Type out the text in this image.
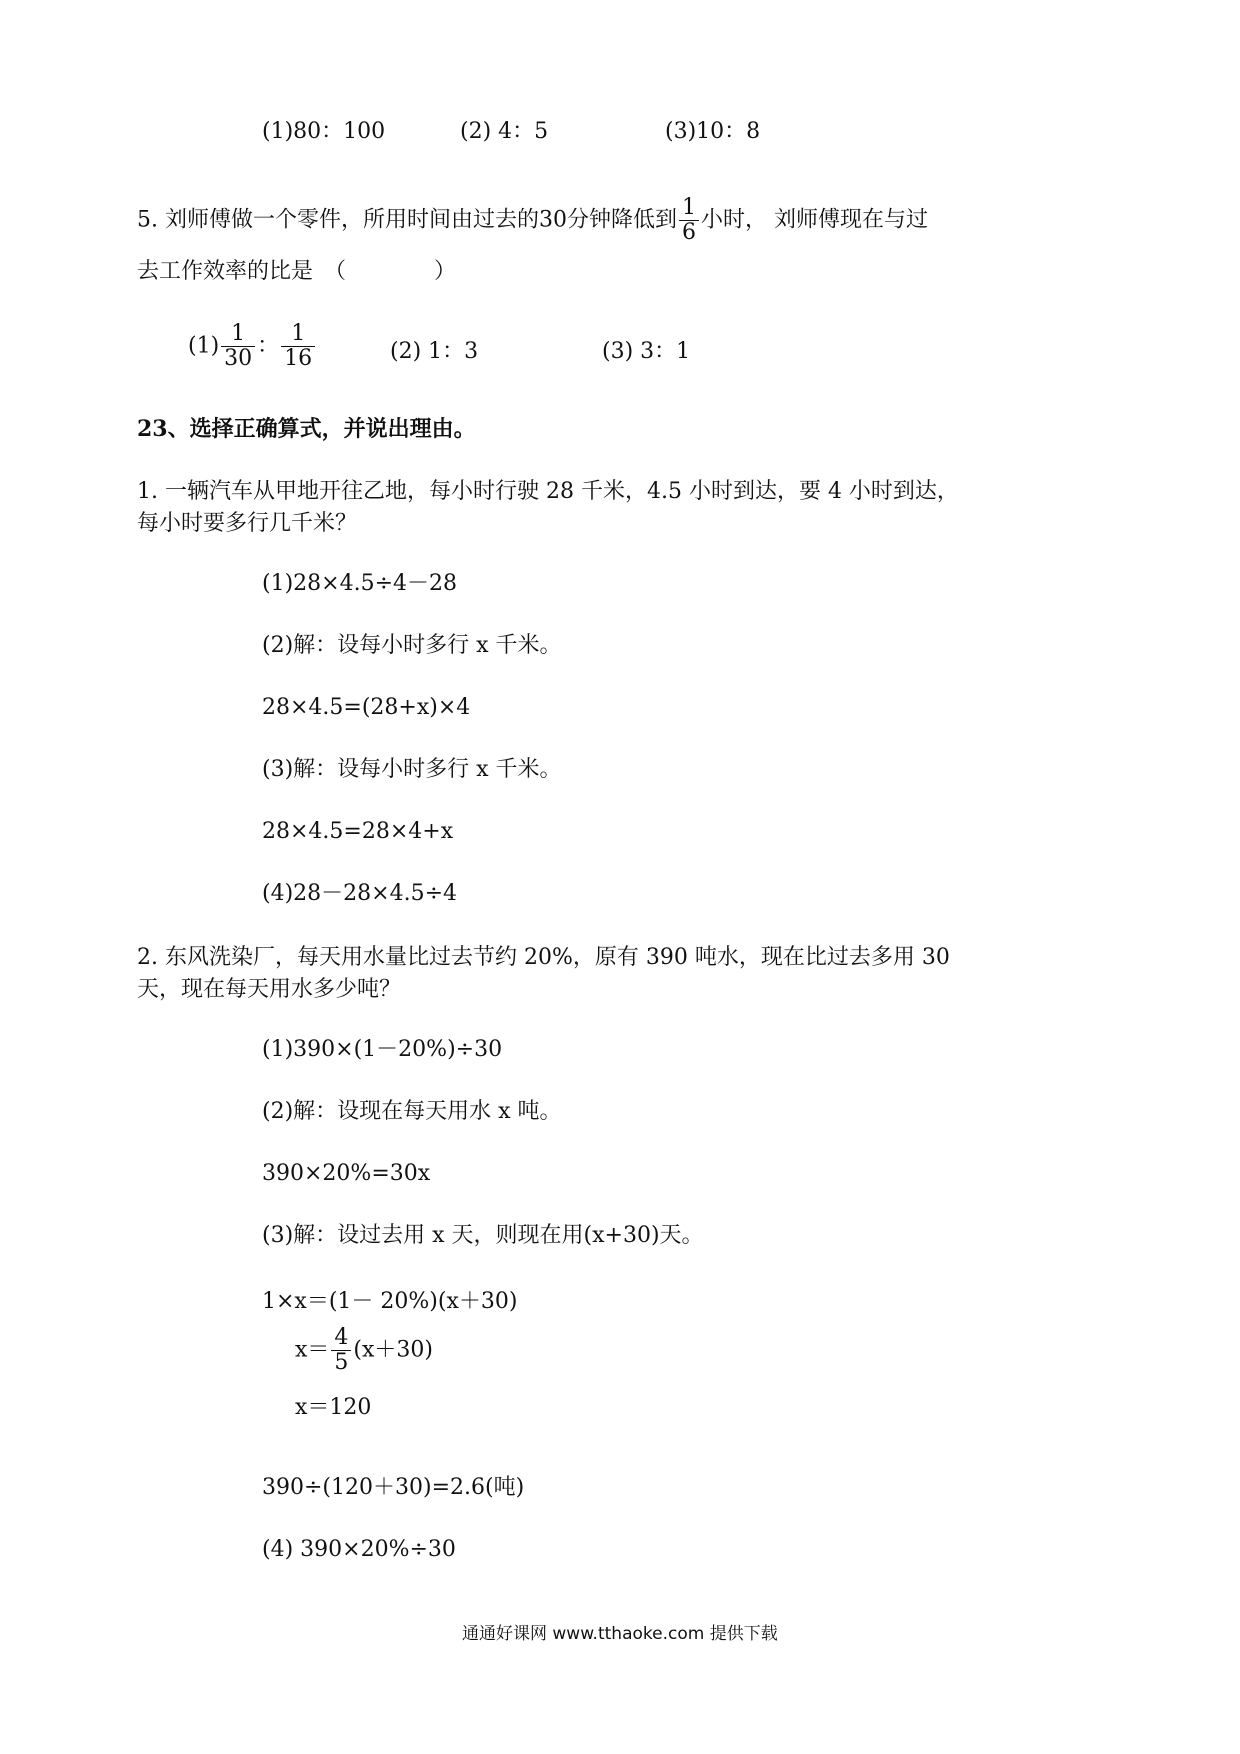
(1)80：100	(2) 4：5	(3)10：8
5. 刘师傅做一个零件，所用时间由过去的30分钟降低到 $\frac{1}{6}$ 小时， 刘师傅现在与过
去工作效率的比是　（　　　　）
$(1) \frac{1}{30}$ ： $\frac{1}{16}$	(2) 1：3	(3) 3：1
23、选择正确算式，并说出理由。
1. 一辆汽车从甲地开往乙地，每小时行驶 28 千米，4.5 小时到达，要 4 小时到达，
每小时要多行几千米？
(1)28×4.5÷4－28
(2)解：设每小时多行 x 千米。
28×4.5=(28+x)×4
(3)解：设每小时多行 x 千米。
28×4.5=28×4+x
(4)28－28×4.5÷4
2. 东风洗染厂，每天用水量比过去节约 20%，原有 390 吨水，现在比过去多用 30
天，现在每天用水多少吨？
(1)390×(1－20%)÷30
(2)解：设现在每天用水 x 吨。
390×20%=30x
(3)解：设过去用 x 天，则现在用(x+30)天。
1×x＝(1－ 20%)(x＋30)
$x= \frac{4}{5} (x+30)$
x＝120
390÷(120＋30)=2.6(吨)
(4) 390×20%÷30
通通好课网 www.tthaoke.com 提供下载
